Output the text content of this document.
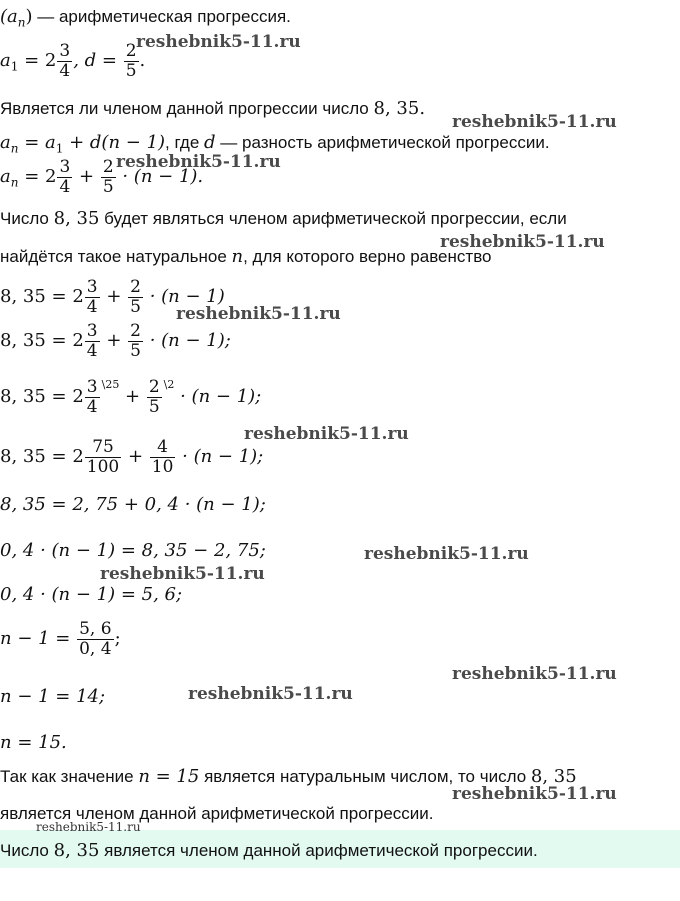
$(a_n)$ — арифметическая прогрессия.
$a_1 = 2 \frac{3}{4}$ , $d = \frac{2}{5}$ .
Является ли членом данной прогрессии число 8, 35.
$a_n = a_1 + d(n - 1)$, где d — разность арифметической прогрессии.
$a_n = 2 \frac{3}{4} + \frac{2}{5} \cdot (n - 1)$.
Число 8, 35 будет являться членом арифметической прогрессии, если
найдётся такое натуральное n, для которого верно равенство
8, $35 = 2 \frac{3}{4} + \frac{2}{5} \cdot (n - 1)$
8, $35 = 2 \frac{3}{4} + \frac{2}{5} \cdot (n - 1)$;
8, $35 = 2 \frac{3}{4} ^{\backslash 25} + \frac{2}{5} ^{\backslash 2} \cdot (n - 1)$;
8, $35 = 2 \frac{75}{100} + \frac{4}{10} \cdot (n - 1)$;
8, 35 = 2, 75 + 0, 4 · (n − 1);
0, 4 · (n − 1) = 8, 35 − 2, 75;
0, 4 · (n − 1) = 5, 6;
$n - 1 = \frac{5, 6}{0, 4}$ ;
n − 1 = 14;
n = 15.
Так как значение n = 15 является натуральным числом, то число 8, 35
является членом данной арифметической прогрессии.
Число 8, 35 является членом данной арифметической прогрессии.
reshebnik5-11.ru
reshebnik5-11.ru
reshebnik5-11.ru
reshebnik5-11.ru
reshebnik5-11.ru
reshebnik5-11.ru
reshebnik5-11.ru
reshebnik5-11.ru
reshebnik5-11.ru
reshebnik5-11.ru
reshebnik5-11.ru
reshebnik5-11.ru
